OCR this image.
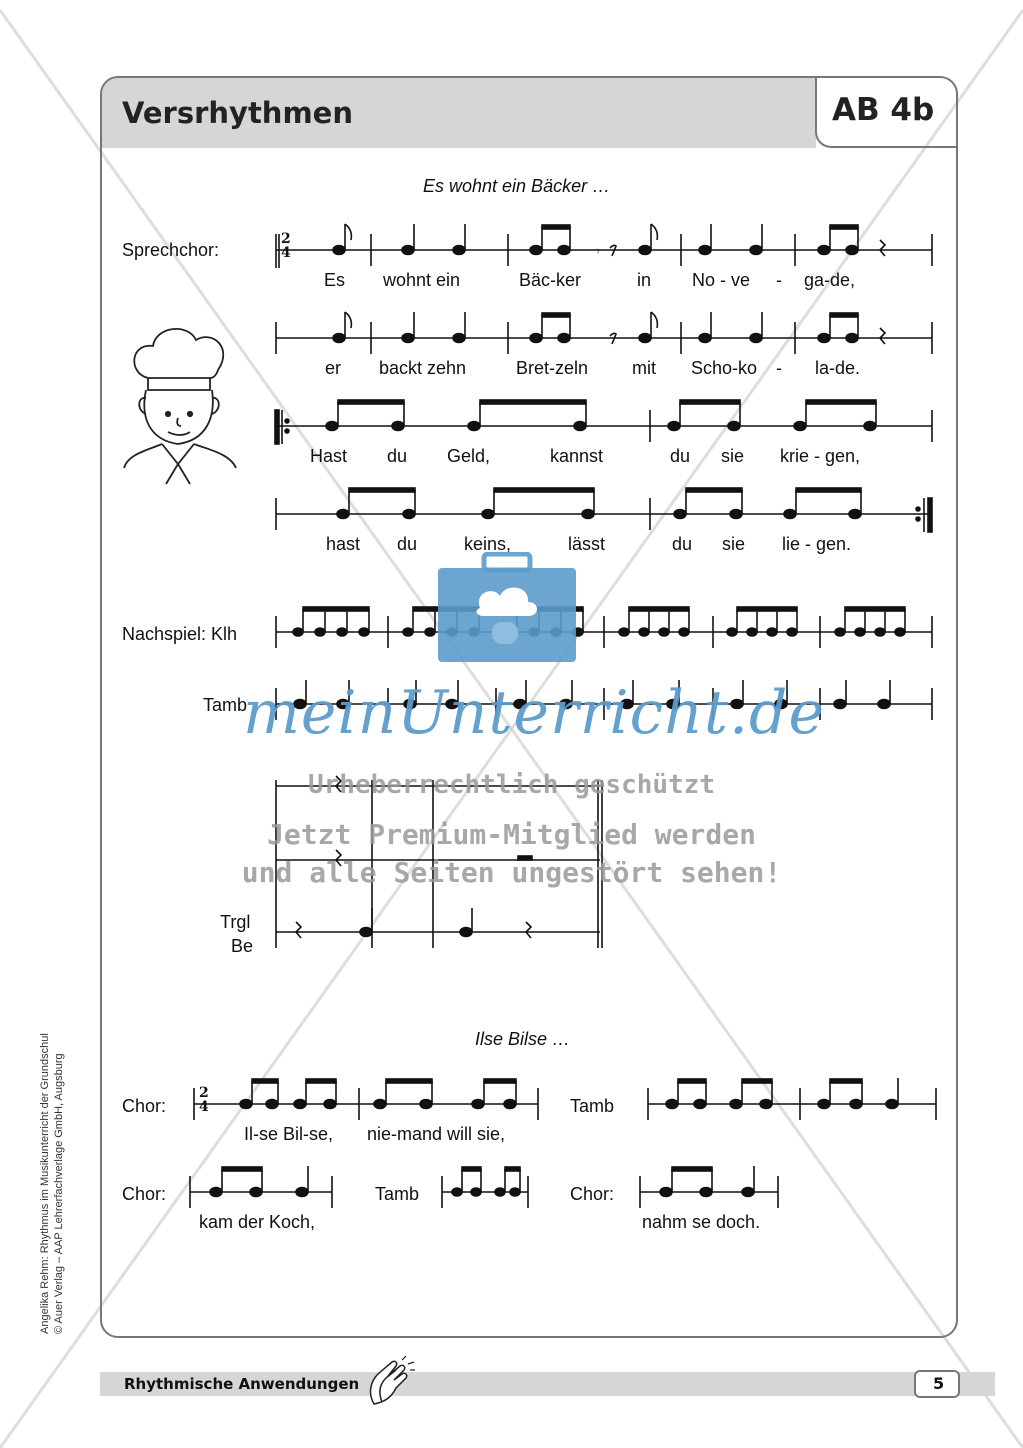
Versrhythmen	AB 4b
Es wohnt ein Bäcker …
Sprechchor:
2
4	𝄾
Es wohnt ein	Bäc-ker	in No - ve - ga-de,
er backt zehn	Bret-zeln mit Scho-ko - la-de.
Hast du Geld,	kannst	du sie krie - gen,
hast du	keins,	lässt	du sie lie - gen.
Nachspiel: Klh
Tamb
Trgl
Be
meinUnterricht.de
Urheberrechtlich geschützt
Jetzt Premium-Mitglied werden
und alle Seiten ungestört sehen!
Ilse Bilse …
Chor:	Tamb
Chor:	Tamb	Chor:
2
4
Il-se Bil-se, nie-mand will sie,
kam der Koch,	nahm se doch.
Angelika Rehm: Rhythmus im Musikunterricht der Grundschul © Auer Verlag – AAP Lehrerfachverlage GmbH, Augsburg
Rhythmische Anwendungen	5
